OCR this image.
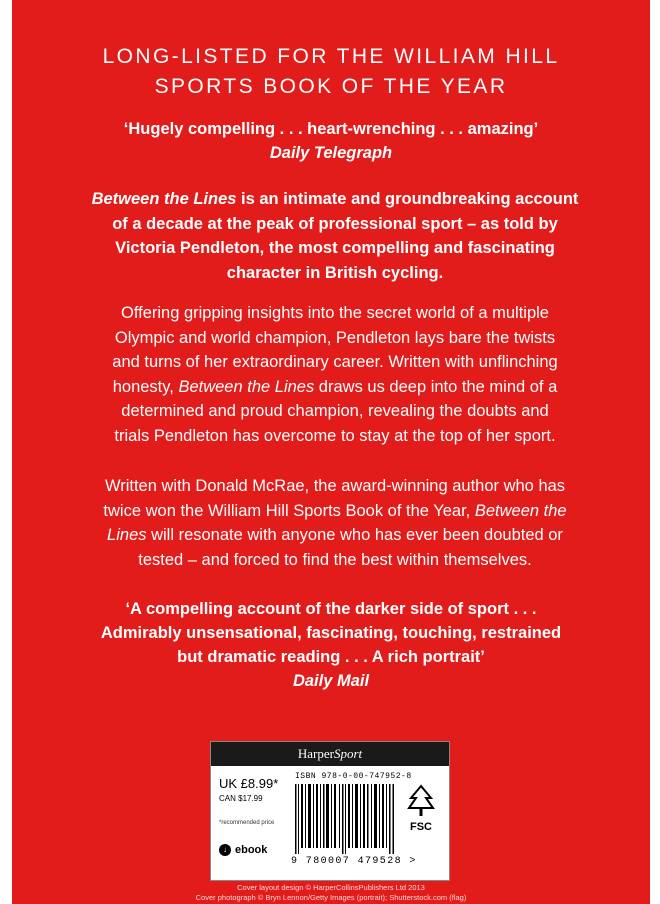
LONG-LISTED FOR THE WILLIAM HILL
SPORTS BOOK OF THE YEAR
‘Hugely compelling . . . heart-wrenching . . . amazing’
Daily Telegraph
Between the Lines is an intimate and groundbreaking account
of a decade at the peak of professional sport – as told by
Victoria Pendleton, the most compelling and fascinating
character in British cycling.
Offering gripping insights into the secret world of a multiple
Olympic and world champion, Pendleton lays bare the twists
and turns of her extraordinary career. Written with unflinching
honesty, Between the Lines draws us deep into the mind of a
determined and proud champion, revealing the doubts and
trials Pendleton has overcome to stay at the top of her sport.
Written with Donald McRae, the award-winning author who has
twice won the William Hill Sports Book of the Year, Between the
Lines will resonate with anyone who has ever been doubted or
tested – and forced to find the best within themselves.
‘A compelling account of the darker side of sport . . .
Admirably unsensational, fascinating, touching, restrained
but dramatic reading . . . A rich portrait’
Daily Mail
Cover layout design © HarperCollinsPublishers Ltd 2013
Cover photograph © Bryn Lennon/Getty Images (portrait); Shutterstock.com (flag)
HarperSport
UK £8.99*
CAN $17.99
*recommended price
↓ ebook
ISBN 978-0-00-747952-8
9 780007 479528 >
FSC
